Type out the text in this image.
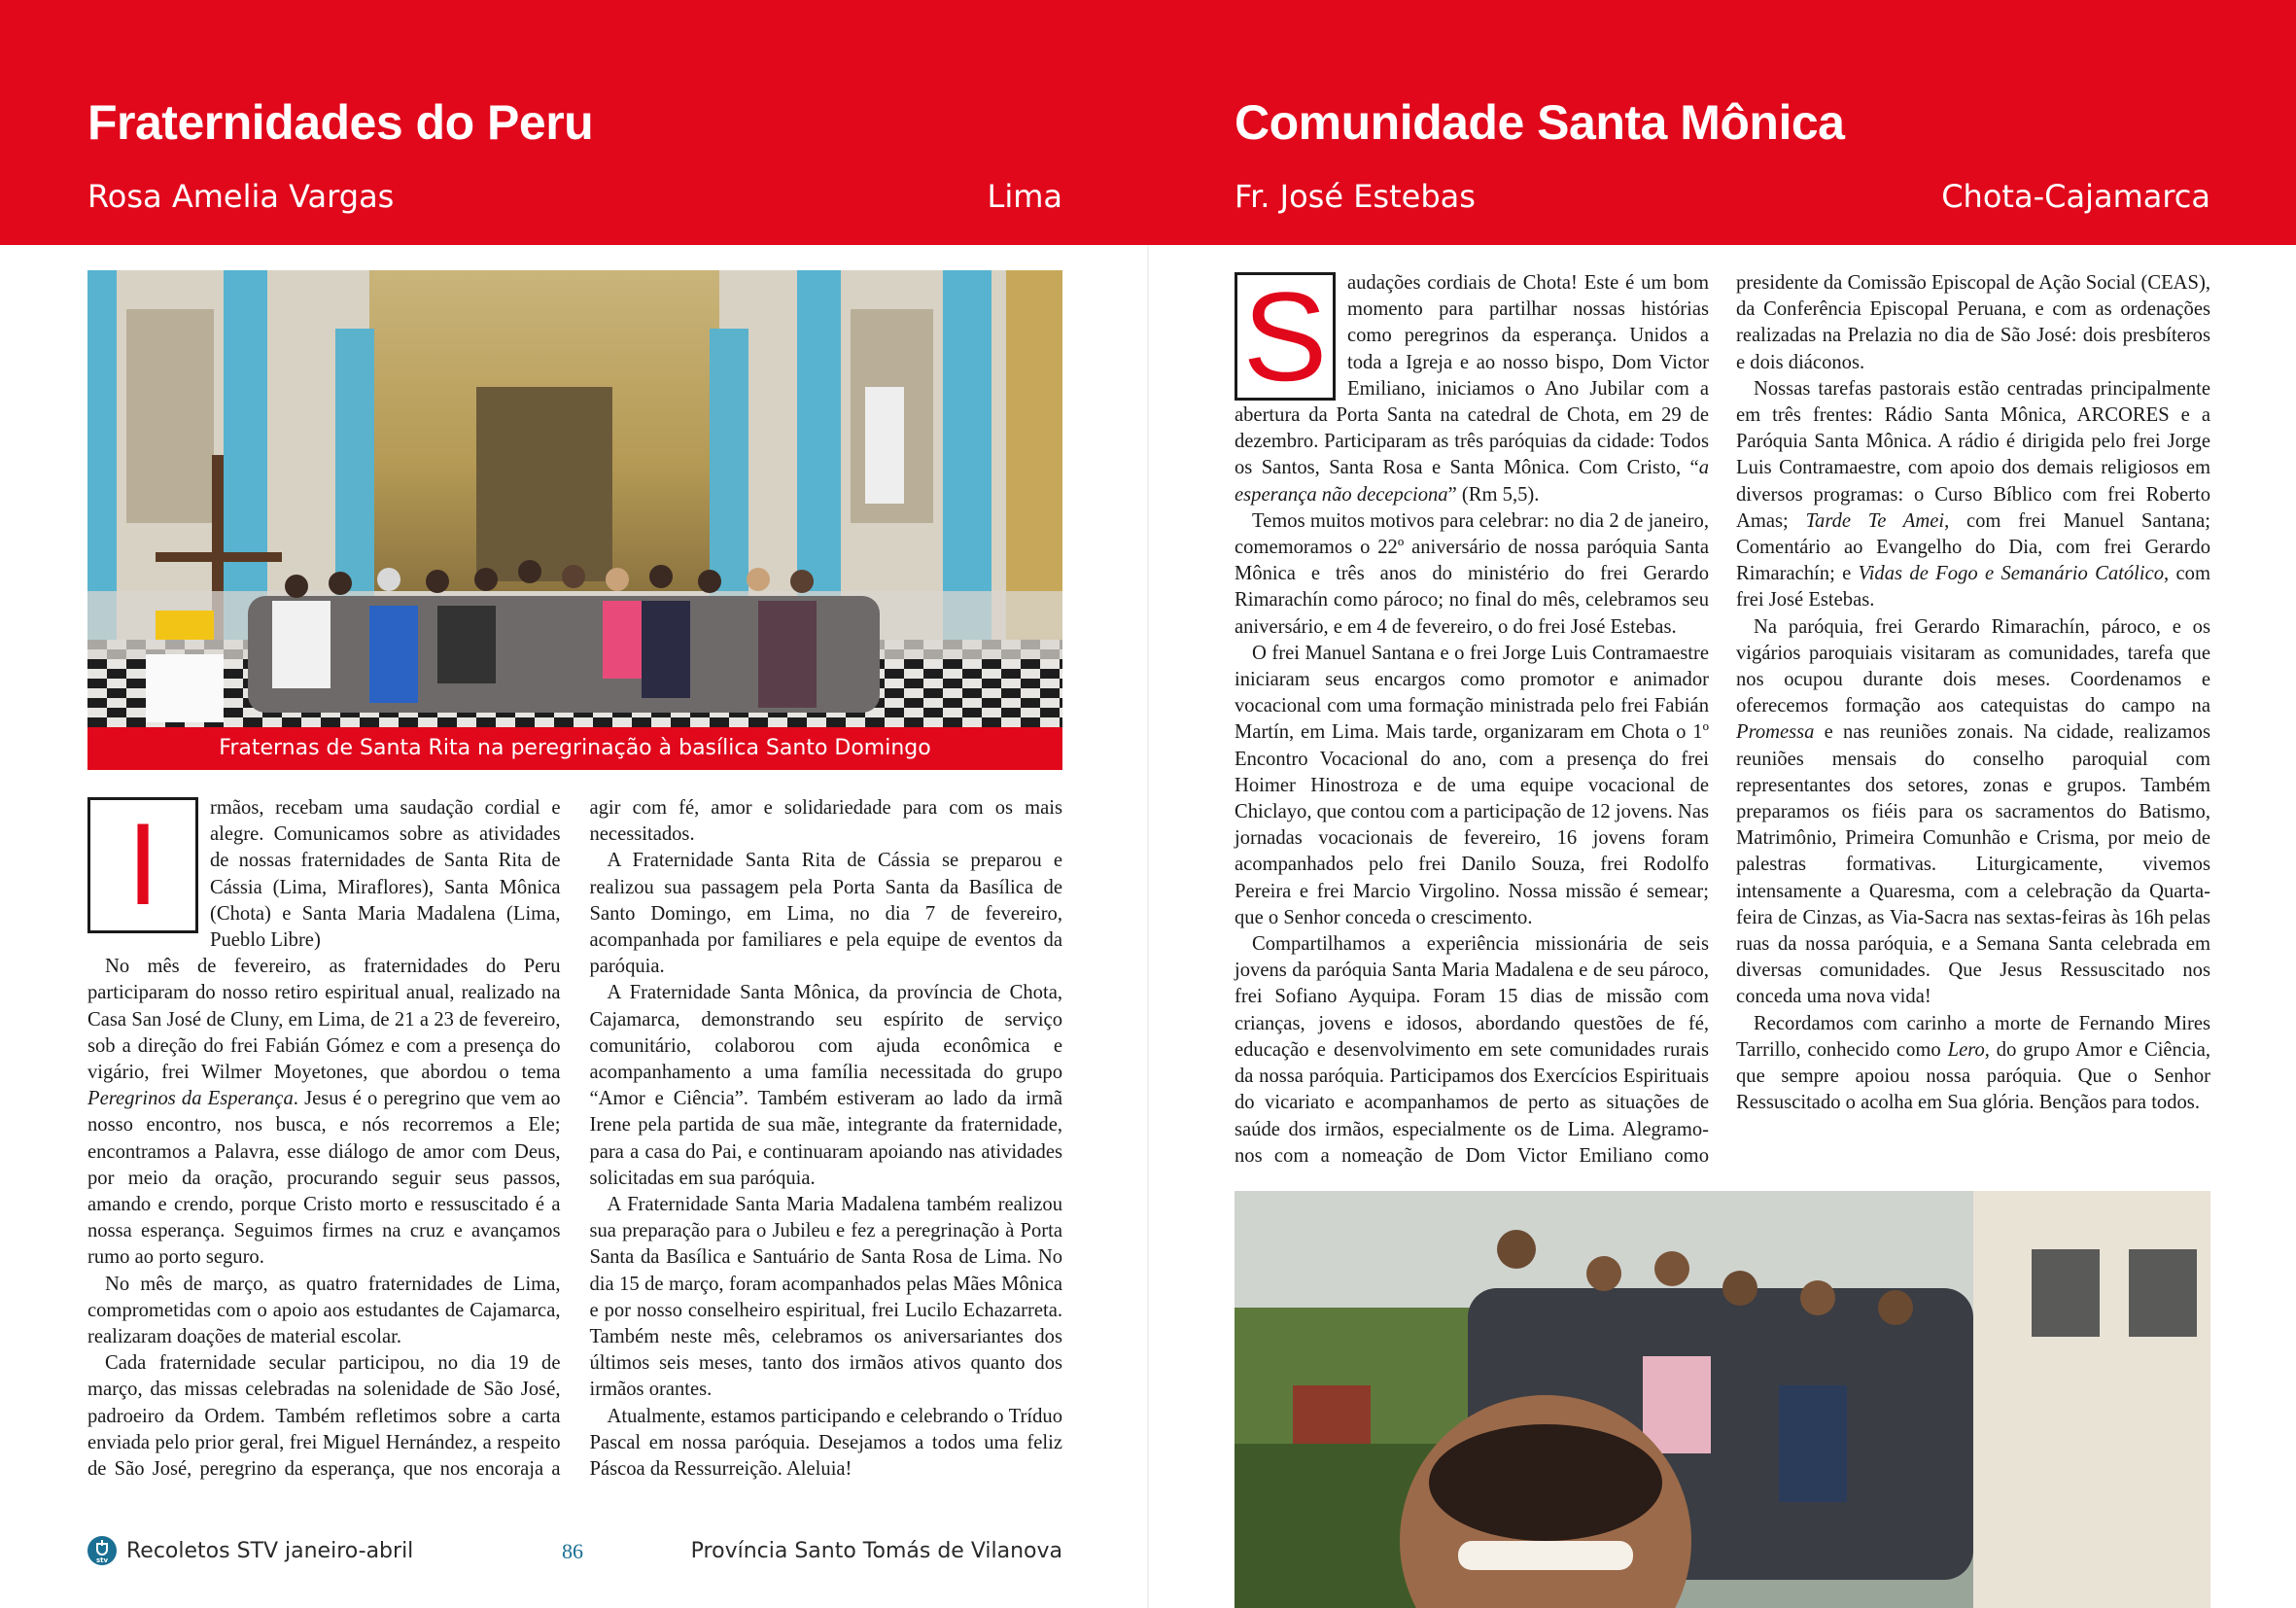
Fraternidades do Peru
Rosa Amelia Vargas	Lima
Comunidade Santa Mônica
Fr. José Estebas	Chota-Cajamarca
Fraternas de Santa Rita na peregrinação à basílica Santo Domingo

I	rmãos, recebam uma saudação cordial e alegre. Comunicamos sobre as atividades de nossas fraternidades de Santa Rita de Cássia (Lima, Miraflores), Santa Mônica (Chota) e Santa Maria Madalena (Lima, Pueblo Libre)

No mês de fevereiro, as fraternidades do Peru participaram do nosso retiro espiritual anual, realizado na Casa San José de Cluny, em Lima, de 21 a 23 de fevereiro, sob a direção do frei Fabián Gómez e com a presença do vigário, frei Wilmer Moyetones, que abordou o tema Peregrinos da Esperança. Jesus é o peregrino que vem ao nosso encontro, nos busca, e nós recorremos a Ele; encontramos a Palavra, esse diálogo de amor com Deus, por meio da oração, procurando seguir seus passos, amando e crendo, porque Cristo morto e ressuscitado é a nossa esperança. Seguimos firmes na cruz e avançamos rumo ao porto seguro.

No mês de março, as quatro fraternidades de Lima, comprometidas com o apoio aos estudantes de Cajamarca, realizaram doações de material escolar.

Cada fraternidade secular participou, no dia 19 de março, das missas celebradas na solenidade de São José, padroeiro da Ordem. Também refletimos sobre a carta enviada pelo prior geral, frei Miguel Hernández, a respeito de São José, peregrino da esperança, que nos encoraja a agir com fé, amor e solidariedade para com os mais necessitados.

A Fraternidade Santa Rita de Cássia se preparou e realizou sua passagem pela Porta Santa da Basílica de Santo Domingo, em Lima, no dia 7 de fevereiro, acompanhada por familiares e pela equipe de eventos da paróquia.

A Fraternidade Santa Mônica, da província de Chota, Cajamarca, demonstrando seu espírito de serviço comunitário, colaborou com ajuda econômica e acompanhamento a uma família necessitada do grupo “Amor e Ciência”. Também estiveram ao lado da irmã Irene pela partida de sua mãe, integrante da fraternidade, para a casa do Pai, e continuaram apoiando nas atividades solicitadas em sua paróquia.

A Fraternidade Santa Maria Madalena também realizou sua preparação para o Jubileu e fez a peregrinação à Porta Santa da Basílica e Santuário de Santa Rosa de Lima. No dia 15 de março, foram acompanhados pelas Mães Mônica e por nosso conselheiro espiritual, frei Lucilo Echazarreta. Também neste mês, celebramos os aniversariantes dos últimos seis meses, tanto dos irmãos ativos quanto dos irmãos orantes.

Atualmente, estamos participando e celebrando o Tríduo Pascal em nossa paróquia. Desejamos a todos uma feliz Páscoa da Ressurreição. Aleluia!

stv Recoletos STV janeiro-abril	86	Província Santo Tomás de Vilanova

S	audações cordiais de Chota! Este é um bom momento para partilhar nossas histórias como peregrinos da esperança. Unidos a toda a Igreja e ao nosso bispo, Dom Victor Emiliano, iniciamos o Ano Jubilar com a abertura da Porta Santa na catedral de Chota, em 29 de dezembro. Participaram as três paróquias da cidade: Todos os Santos, Santa Rosa e Santa Mônica. Com Cristo, “a esperança não decepciona” (Rm 5,5).

Temos muitos motivos para celebrar: no dia 2 de janeiro, comemoramos o 22º aniversário de nossa paróquia Santa Mônica e três anos do ministério do frei Gerardo Rimarachín como pároco; no final do mês, celebramos seu aniversário, e em 4 de fevereiro, o do frei José Estebas.

O frei Manuel Santana e o frei Jorge Luis Contramaestre iniciaram seus encargos como promotor e animador vocacional com uma formação ministrada pelo frei Fabián Martín, em Lima. Mais tarde, organizaram em Chota o 1º Encontro Vocacional do ano, com a presença do frei Hoimer Hinostroza e de uma equipe vocacional de Chiclayo, que contou com a participação de 12 jovens. Nas jornadas vocacionais de fevereiro, 16 jovens foram acompanhados pelo frei Danilo Souza, frei Rodolfo Pereira e frei Marcio Virgolino. Nossa missão é semear; que o Senhor conceda o crescimento.

Compartilhamos a experiência missionária de seis jovens da paróquia Santa Maria Madalena e de seu pároco, frei Sofiano Ayquipa. Foram 15 dias de missão com crianças, jovens e idosos, abordando questões de fé, educação e desenvolvimento em sete comunidades rurais da nossa paróquia. Participamos dos Exercícios Espirituais do vicariato e acompanhamos de perto as situações de saúde dos irmãos, especialmente os de Lima. Alegramo-nos com a nomeação de Dom Victor Emiliano como presidente da Comissão Episcopal de Ação Social (CEAS), da Conferência Episcopal Peruana, e com as ordenações realizadas na Prelazia no dia de São José: dois presbíteros e dois diáconos.

Nossas tarefas pastorais estão centradas principalmente em três frentes: Rádio Santa Mônica, ARCORES e a Paróquia Santa Mônica. A rádio é dirigida pelo frei Jorge Luis Contramaestre, com apoio dos demais religiosos em diversos programas: o Curso Bíblico com frei Roberto Amas; Tarde Te Amei, com frei Manuel Santana; Comentário ao Evangelho do Dia, com frei Gerardo Rimarachín; e Vidas de Fogo e Semanário Católico, com frei José Estebas.

Na paróquia, frei Gerardo Rimarachín, pároco, e os vigários paroquiais visitaram as comunidades, tarefa que nos ocupou durante dois meses. Coordenamos e oferecemos formação aos catequistas do campo na Promessa e nas reuniões zonais. Na cidade, realizamos reuniões mensais do conselho paroquial com representantes dos setores, zonas e grupos. Também preparamos os fiéis para os sacramentos do Batismo, Matrimônio, Primeira Comunhão e Crisma, por meio de palestras formativas. Liturgicamente, vivemos intensamente a Quaresma, com a celebração da Quarta-feira de Cinzas, as Via-Sacra nas sextas-feiras às 16h pelas ruas da nossa paróquia, e a Semana Santa celebrada em diversas comunidades. Que Jesus Ressuscitado nos conceda uma nova vida!

Recordamos com carinho a morte de Fernando Mires Tarrillo, conhecido como Lero, do grupo Amor e Ciência, que sempre apoiou nossa paróquia. Que o Senhor Ressuscitado o acolha em Sua glória. Bençãos para todos.
